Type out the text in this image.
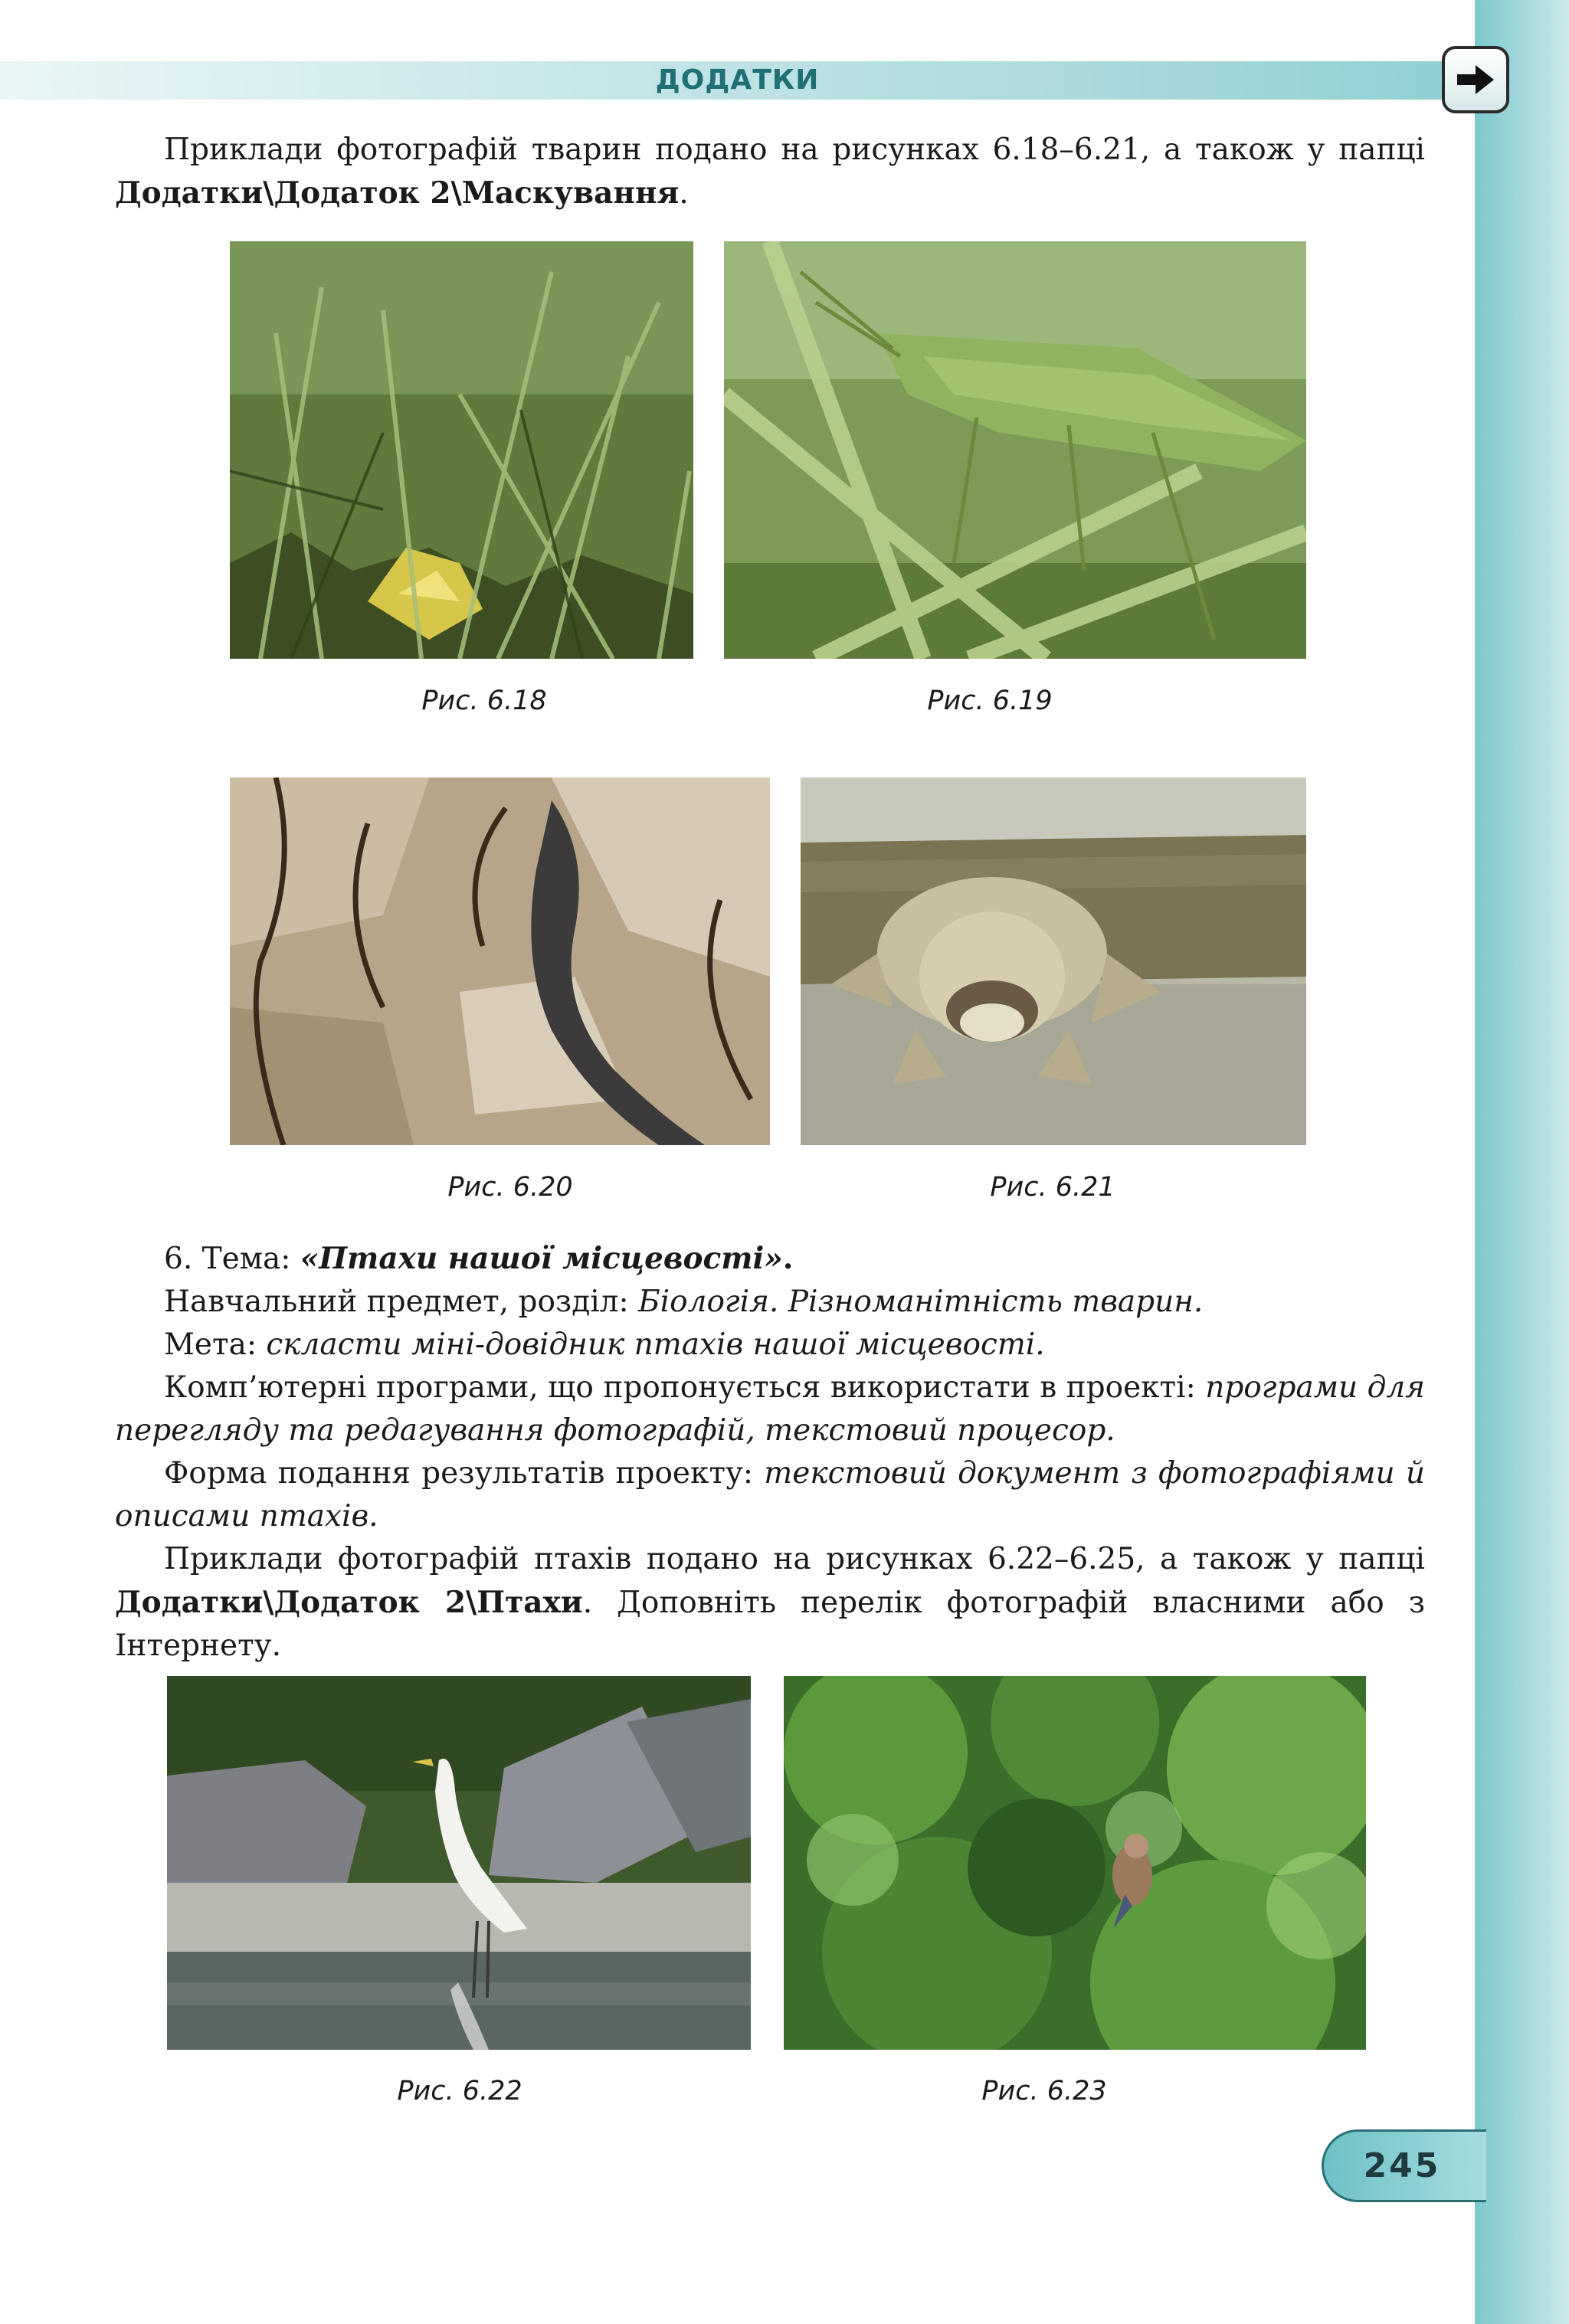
ДОДАТКИ
Приклади фотографій тварин подано на рисунках 6.18–6.21, а також у папці Додатки\Додаток 2\Маскування.
Рис. 6.18	Рис. 6.19
Рис. 6.20	Рис. 6.21

6. Тема: «Птахи нашої місцевості».

Навчальний предмет, розділ: Біологія. Різноманітність тварин.

Мета: скласти міні-довідник птахів нашої місцевості.

Комп’ютерні програми, що пропонується використати в проекті: програми для перегляду та редагування фотографій, текстовий процесор.

Форма подання результатів проекту: текстовий документ з фотографіями й описами птахів.

Приклади фотографій птахів подано на рисунках 6.22–6.25, а також у папці Додатки\Додаток 2\Птахи. Доповніть перелік фотографій власними або з Інтернету.

Рис. 6.22	Рис. 6.23
245
